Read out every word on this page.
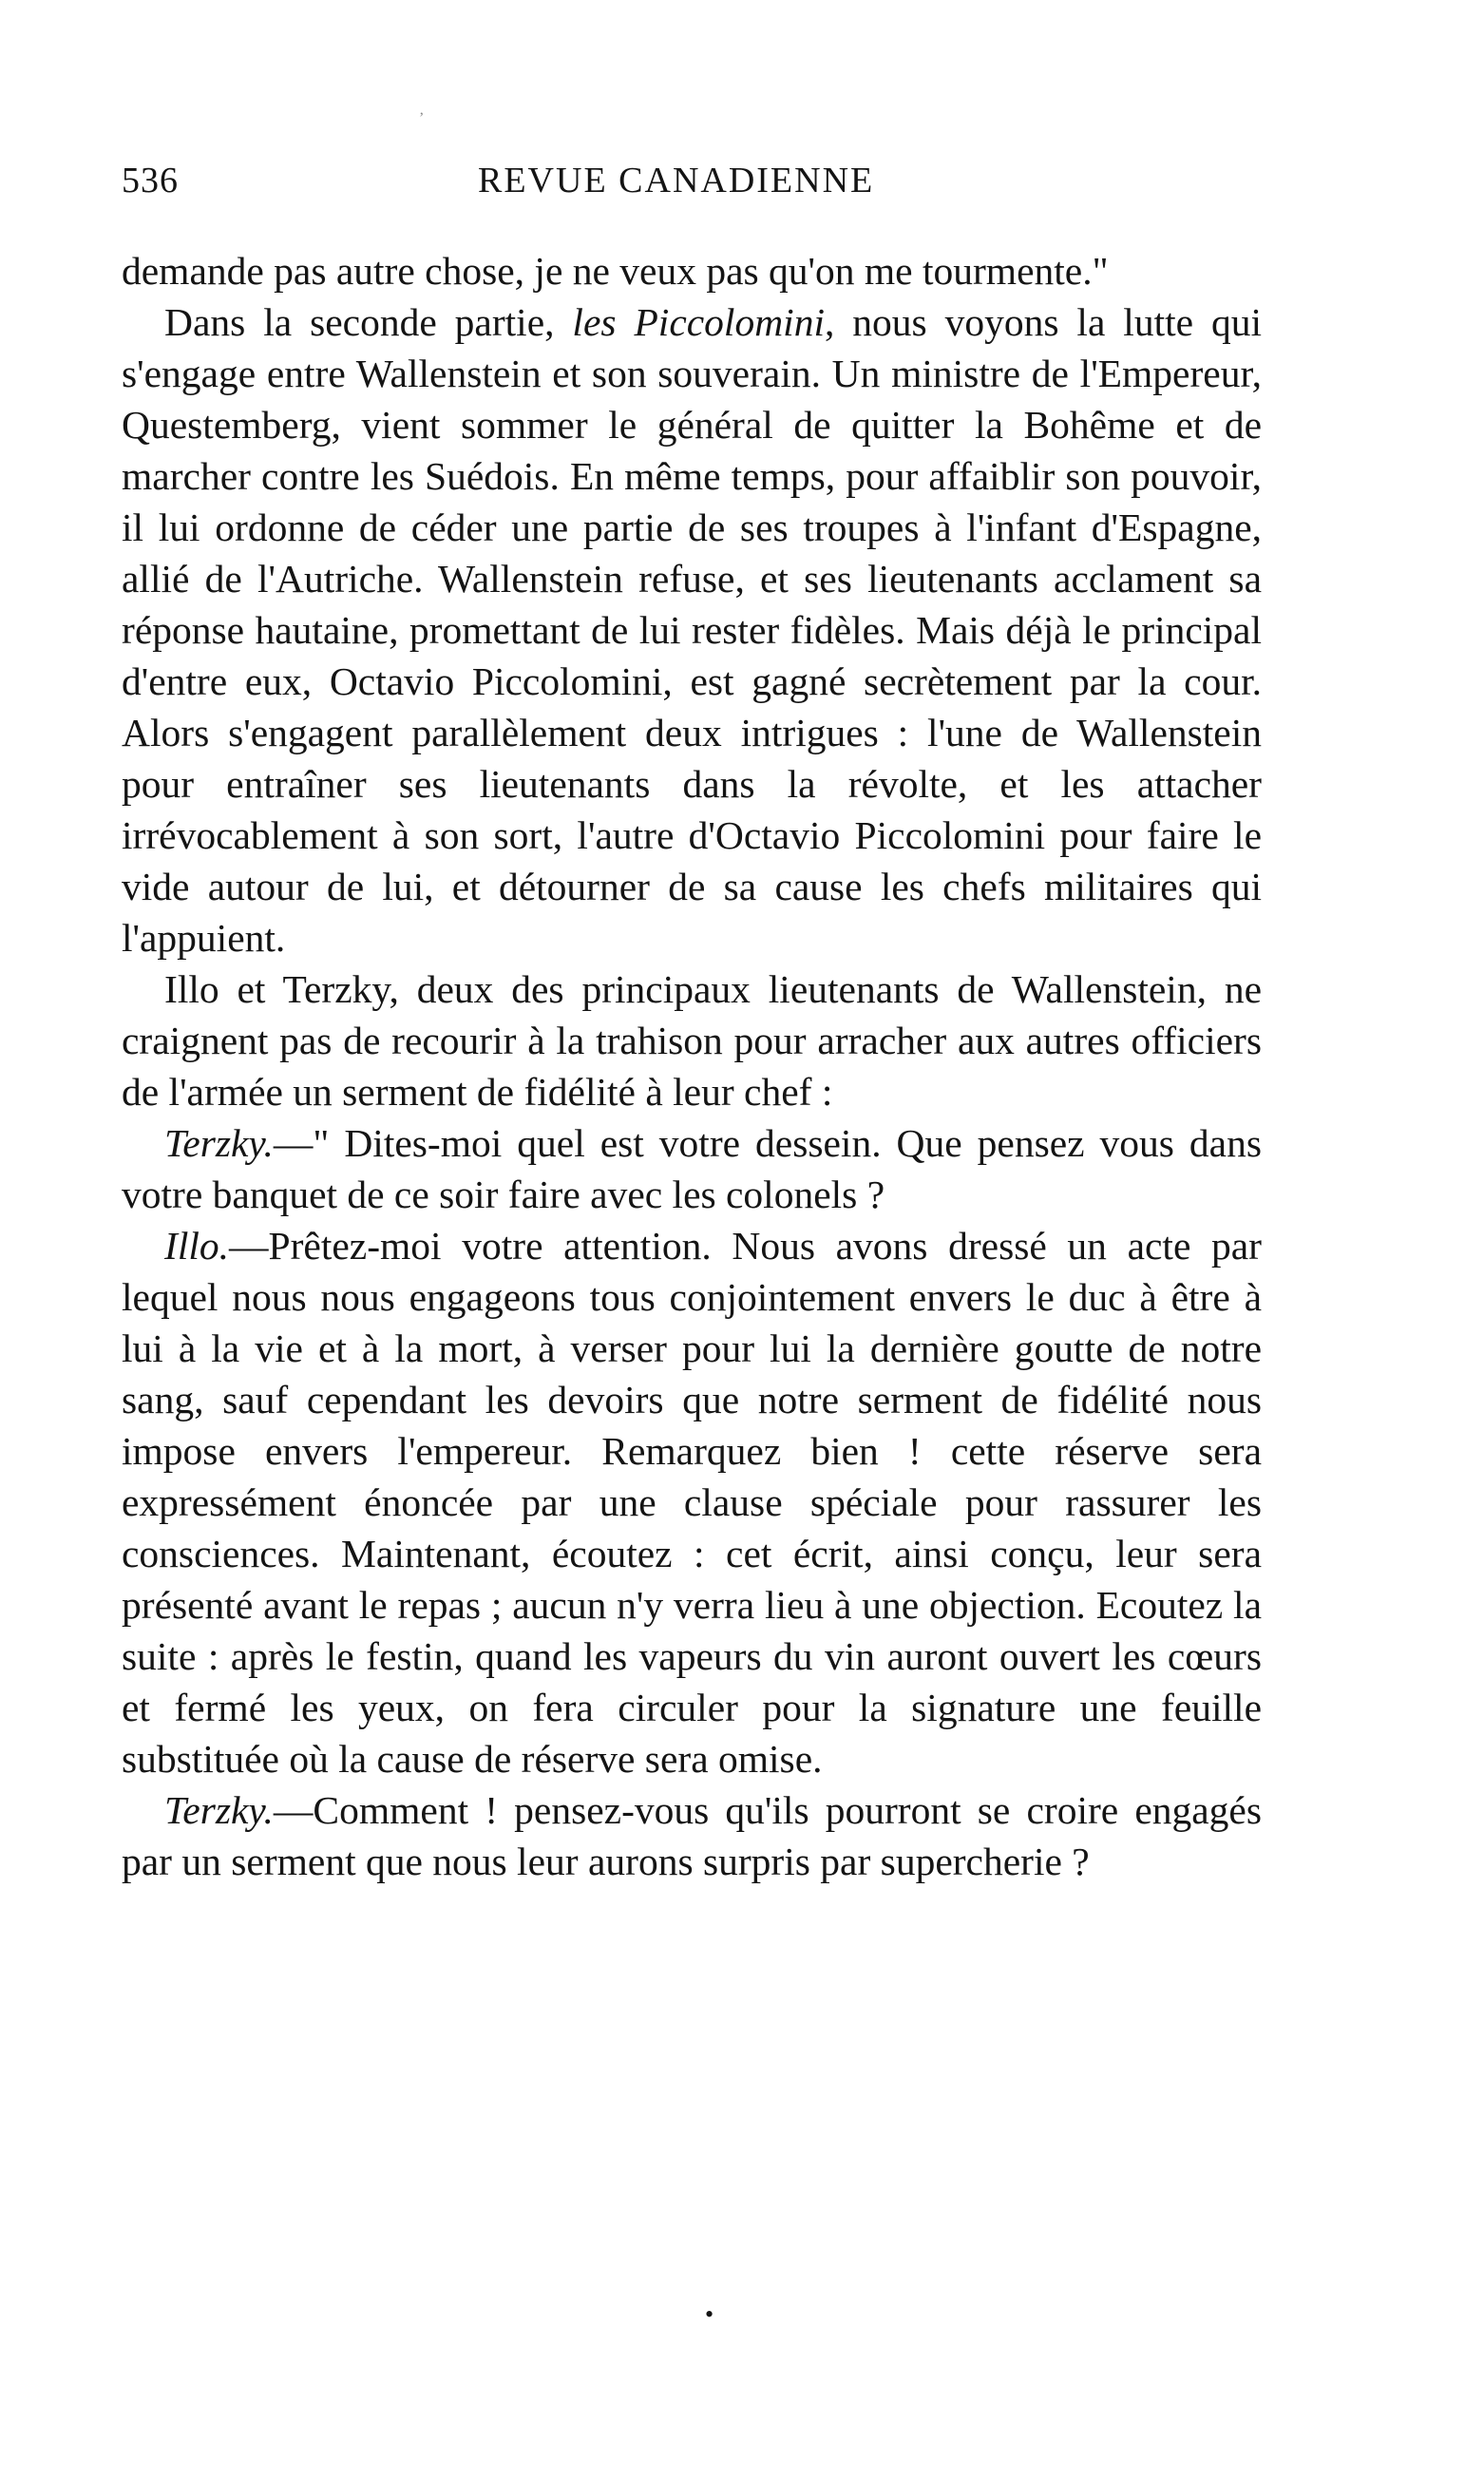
ʼ
536	REVUE CANADIENNE

demande pas autre chose, je ne veux pas qu'on me tourmente."

Dans la seconde partie, les Piccolomini, nous voyons la lutte qui s'engage entre Wallenstein et son souverain. Un ministre de l'Empereur, Questemberg, vient sommer le général de quitter la Bohême et de marcher contre les Suédois. En même temps, pour affaiblir son pouvoir, il lui ordonne de céder une partie de ses troupes à l'infant d'Espagne, allié de l'Autriche. Wallenstein refuse, et ses lieutenants acclament sa réponse hautaine, promettant de lui rester fidèles. Mais déjà le principal d'entre eux, Octavio Piccolomini, est gagné secrètement par la cour. Alors s'engagent parallèlement deux intrigues : l'une de Wallenstein pour entraîner ses lieutenants dans la révolte, et les attacher irrévocablement à son sort, l'autre d'Octavio Piccolomini pour faire le vide autour de lui, et détourner de sa cause les chefs militaires qui l'appuient.

Illo et Terzky, deux des principaux lieutenants de Wallenstein, ne craignent pas de recourir à la trahison pour arracher aux autres officiers de l'armée un serment de fidélité à leur chef :

Terzky.—" Dites-moi quel est votre dessein. Que pensez vous dans votre banquet de ce soir faire avec les colonels ?

Illo.—Prêtez-moi votre attention. Nous avons dressé un acte par lequel nous nous engageons tous conjointement envers le duc à être à lui à la vie et à la mort, à verser pour lui la dernière goutte de notre sang, sauf cependant les devoirs que notre serment de fidélité nous impose envers l'empereur. Remarquez bien ! cette réserve sera expressément énoncée par une clause spéciale pour rassurer les consciences. Maintenant, écoutez : cet écrit, ainsi conçu, leur sera présenté avant le repas ; aucun n'y verra lieu à une objection. Ecoutez la suite : après le festin, quand les vapeurs du vin auront ouvert les cœurs et fermé les yeux, on fera circuler pour la signature une feuille substituée où la cause de réserve sera omise.

Terzky.—Comment ! pensez-vous qu'ils pourront se croire engagés par un serment que nous leur aurons surpris par supercherie ?

•
